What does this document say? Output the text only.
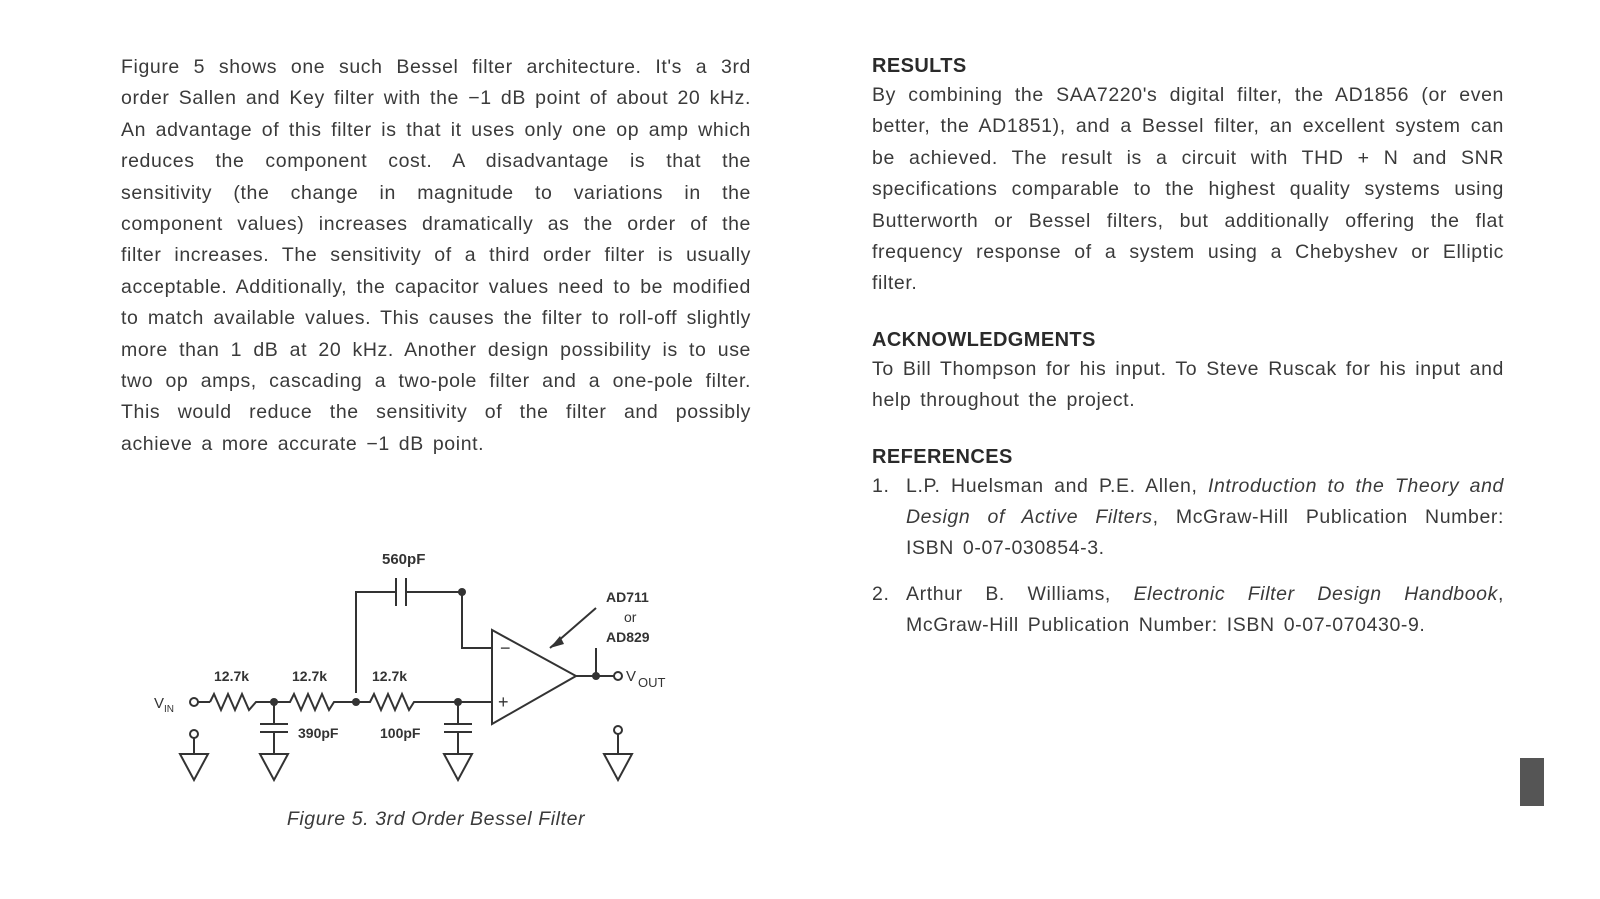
Figure 5 shows one such Bessel filter architecture. It's a 3rd order Sallen and Key filter with the −1 dB point of about 20 kHz. An advantage of this filter is that it uses only one op amp which reduces the component cost. A disadvantage is that the sensitivity (the change in magnitude to variations in the component values) increases dramatically as the order of the filter increases. The sensitivity of a third order filter is usually acceptable. Additionally, the capacitor values need to be modified to match available values. This causes the filter to roll-off slightly more than 1 dB at 20 kHz. Another design possibility is to use two op amps, cascading a two-pole filter and a one-pole filter. This would reduce the sensitivity of the filter and possibly achieve a more accurate −1 dB point.

560pF
V IN
12.7k	12.7k	12.7k
390pF	100pF
−
+
V OUT
AD711
or
AD829
Figure 5. 3rd Order Bessel Filter
RESULTS

By combining the SAA7220's digital filter, the AD1856 (or even better, the AD1851), and a Bessel filter, an excellent system can be achieved. The result is a circuit with THD + N and SNR specifications comparable to the highest quality systems using Butterworth or Bessel filters, but additionally offering the flat frequency response of a system using a Chebyshev or Elliptic filter.

ACKNOWLEDGMENTS

To Bill Thompson for his input. To Steve Ruscak for his input and help throughout the project.

REFERENCES
1. L.P. Huelsman and P.E. Allen, Introduction to the Theory and Design of Active Filters, McGraw-Hill Publication Number: ISBN 0-07-030854-3.
2. Arthur B. Williams, Electronic Filter Design Handbook, McGraw-Hill Publication Number: ISBN 0-07-070430-9.
